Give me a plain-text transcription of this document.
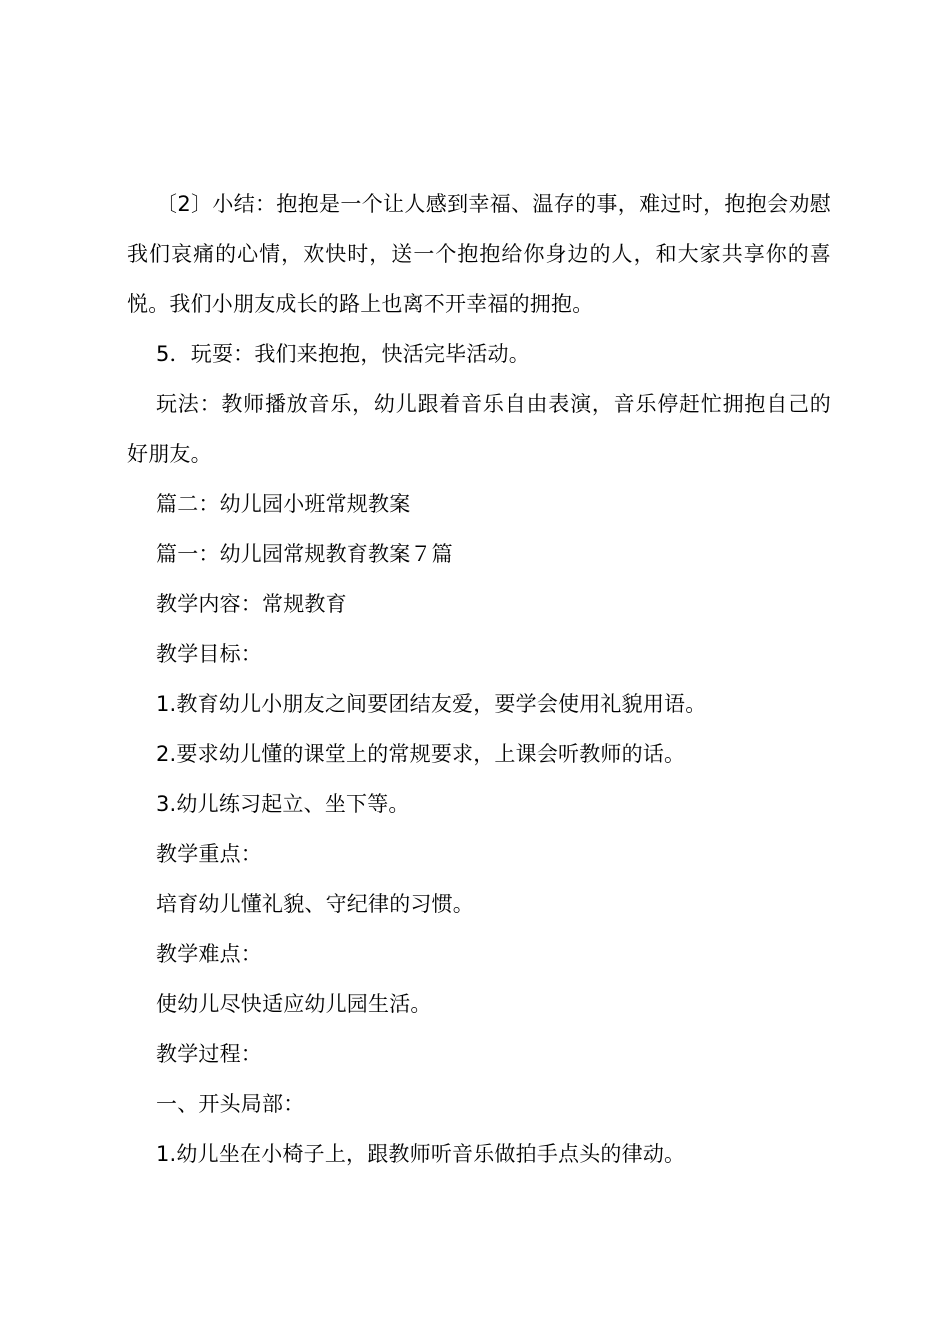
〔2〕小结：抱抱是一个让人感到幸福、温存的事，难过时，抱抱会劝慰我们哀痛的心情，欢快时，送一个抱抱给你身边的人，和大家共享你的喜悦。我们小朋友成长的路上也离不开幸福的拥抱。

5．玩耍：我们来抱抱，快活完毕活动。

玩法：教师播放音乐，幼儿跟着音乐自由表演，音乐停赶忙拥抱自己的好朋友。

篇二：幼儿园小班常规教案

篇一：幼儿园常规教育教案７篇

教学内容：常规教育

教学目标：

1.教育幼儿小朋友之间要团结友爱，要学会使用礼貌用语。

2.要求幼儿懂的课堂上的常规要求，上课会听教师的话。

3.幼儿练习起立、坐下等。

教学重点：

培育幼儿懂礼貌、守纪律的习惯。

教学难点：

使幼儿尽快适应幼儿园生活。

教学过程：

一、开头局部：

1.幼儿坐在小椅子上，跟教师听音乐做拍手点头的律动。
